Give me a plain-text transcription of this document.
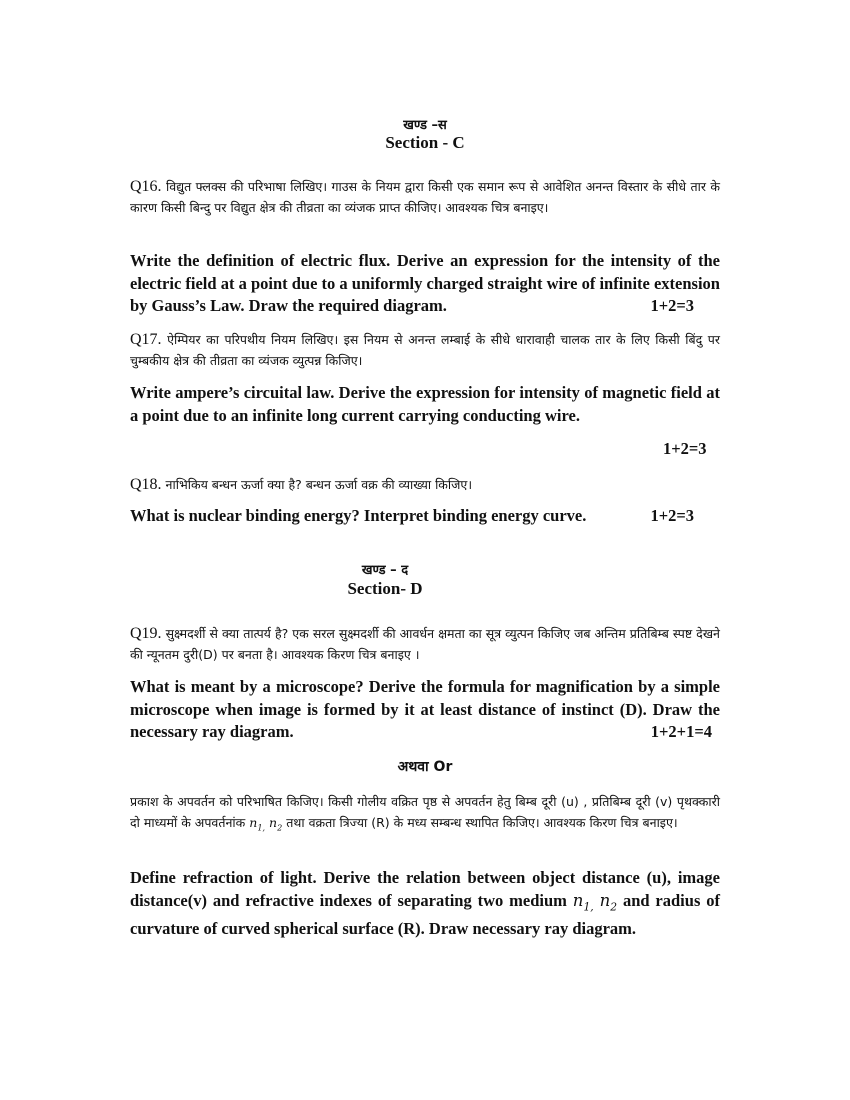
खण्ड –स
Section - C
Q16. विद्युत फ्लक्स की परिभाषा लिखिए। गाउस के नियम द्वारा किसी एक समान रूप से आवेशित अनन्त विस्तार के सीधे तार के कारण किसी बिन्दु पर विद्युत क्षेत्र की तीव्रता का व्यंजक प्राप्त कीजिए। आवश्यक चित्र बनाइए।
Write the definition of electric flux. Derive an expression for the intensity of the electric field at a point due to a uniformly charged straight wire of infinite extension by Gauss’s Law. Draw the required diagram.	1+2=3
Q17. ऐम्पियर का परिपथीय नियम लिखिए। इस नियम से अनन्त लम्बाई के सीधे धारावाही चालक तार के लिए किसी बिंदु पर चुम्बकीय क्षेत्र की तीव्रता का व्यंजक व्युत्पन्न किजिए।
Write ampere’s circuital law. Derive the expression for intensity of magnetic field at a point due to an infinite long current carrying conducting wire.
1+2=3
Q18. नाभिकिय बन्धन ऊर्जा क्या है? बन्धन ऊर्जा वक्र की व्याख्या किजिए।
What is nuclear binding energy? Interpret binding energy curve.	1+2=3
खण्ड – द
Section- D
Q19. सुक्ष्मदर्शी से क्या तात्पर्य है? एक सरल सुक्ष्मदर्शी की आवर्धन क्षमता का सूत्र व्युत्पन किजिए जब अन्तिम प्रतिबिम्ब स्पष्ट देखने की न्यूनतम दुरी(D) पर बनता है। आवश्यक किरण चित्र बनाइए ।
What is meant by a microscope? Derive the formula for magnification by a simple microscope when image is formed by it at least distance of instinct (D). Draw the necessary ray diagram.	1+2+1=4
अथवा Or
प्रकाश के अपवर्तन को परिभाषित किजिए। किसी गोलीय वक्रित पृष्ठ से अपवर्तन हेतु बिम्ब दूरी (u) , प्रतिबिम्ब दूरी (v) पृथक्कारी दो माध्यमों के अपवर्तनांक $n_{1,}$ $n_2$ तथा वक्रता त्रिज्या (R) के मध्य सम्बन्ध स्थापित किजिए। आवश्यक किरण चित्र बनाइए।
Define refraction of light. Derive the relation between object distance (u), image distance(v) and refractive indexes of separating two medium $n_{1,}$ $n_2$ and radius of curvature of curved spherical surface (R). Draw necessary ray diagram.
